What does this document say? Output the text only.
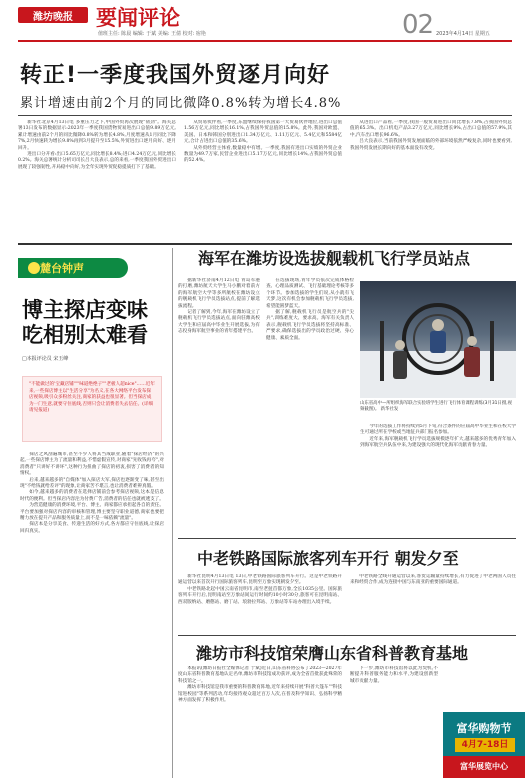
潍坊晚报	要闻评论
值班主任: 陈晨 编辑: 于斌 美编: 王倩 校对: 宿艳	02 2023年4月14日 星期五
转正!一季度我国外贸逐月向好
累计增速由前2个月的同比微降0.8%转为增长4.8%

新华社北京4月13日电 多重压力之下,中国外贸再次展现"韧劲"。海关总署13日发布的数据显示:2023年一季度我国货物贸易进出口总值9.89万亿元,累计增速由前2个月的同比微降0.8%转为增长4.8%,月度增速从1月同比下降7%,2月快速转为增长9.8%再到3月提升至15.5%,外贸进出口逐月向好、逐月回升。

进出口分开看:出口5.65万亿元,同比增长8.4%;进口4.24万亿元,同比增长0.2%。海关总署统计分析司司长吕大良表示,总的来看,一季度我国外贸进出口展现了较强韧性,开局稳中向好,为全年实现外贸促稳提质打下了基础。

从贸易伙伴看,一季度,东盟继续保持我国第一大贸易伙伴地位,进出口总值1.56万亿元,同比增长16.1%,占我国外贸总值的15.8%。此外,我国对欧盟、美国、日本和韩国分别进出口1.34万亿元、1.11万亿元、5.4亿元和5584亿元,合计占进出口总值的35.6%。

从外贸经营主体看,数量稳中有增。一季度,我国有进出口实绩的外贸企业数量为49.7万家,民营企业进出口5.17万亿元,同比增长14%,占我国外贸总值的52.4%。

从进出口产品看,一季度,我国一般贸易进出口同比增长7.8%,占我国外贸总值的65.3%。出口机电产品3.27万亿元,同比增长9%,占出口总值的57.9%,其中,汽车出口增长96.6%。

吕大良表示,当前我国外贸发展面临的外部环境依然严峻复杂,同时也要看到,我国外贸发展长期向好的基本面没有改变。

麓台钟声
博主探店变味
吃相别太难看
□本报评论员 宋玉峰

"不能做过的'宝藏店铺'""味道绝绝子""老板人超nice"……近年来,一些探店博主以"生活分享"为名义,在各大网络平台发布探店视频,吸引众多粉丝关注,商家的获益也很显著。但当探店成为一门生意,就要守住底线,否则只会让消费者失去信任。(详细请见报道)

探店之风刮遍城市,甚至不少人将其当成职业,随着"探店经济"的兴起,一些探店博主为了流量和利益,不惜虚假宣传,对商家"先收钱再夸",对消费者"只讲好不讲坏",这种行为扭曲了探店的初衷,损害了消费者的知情权。

后来,越来越多的"自媒体"加入探店大军,探店也逐渐变了味,甚至出现"不给钱就给差评"的现象,让商家苦不堪言,也让消费者难辨真假。

如今,越来越多的消费者在选择店铺前会参考探店视频,这本是信息时代的便利。但当探店内容沦为付费广告,消费者的信任也就被透支了。

为营造健康的消费环境,平台、博主、商家都应承担起各自的责任。平台要加强对探店内容的审核和管理,博主要坚守职业道德,商家也要把精力放在提升产品和服务质量上,而不是一味依赖"流量"。

探店本是分享美食、传递生活的好方式,各方都应守住底线,让探店回归真实。

海军在潍坊设选拔舰载机飞行学员站点

据新华社济南4月12日电 青岛军港的打磨,潍坊航天大学生马小鹏对着前方的海军航空大学等多所航校在潍坊设立的舰载机飞行学员选拔站点,提前了解选拔流程。

记者了解到,今年,海军在潍坊设立了舰载机飞行学员选拔站点,面向驻潍高校大学生和应届高中毕业生开展选拔,为有志投身海军航空事业的青年搭建平台。

在选拔现场,青年学员依次完成体格检查、心理品质测试、飞行基础理论考核等多个环节。参加选拔的学生们说,从小就有飞天梦,这次有机会参加舰载机飞行学员选拔,希望能圆梦蓝天。

据了解,舰载机飞行员是航空兵的"尖兵",训练难度大、要求高。海军有关负责人表示,舰载机飞行学员选拔将坚持高标准、严要求,确保选拔出的学员政治过硬、身心健康、素质全面。

山东省高中—所组织海军联合实验班学生进行飞行体育课程训练(3月31日摄,视频截图)。 新华社发

今年的选拔工作将持续到5月下旬,符合条件的应届高中毕业生和在校大学生可通过所在学校或当地征兵部门报名参加。

近年来,海军舰载机飞行学员选拔规模逐年扩大,越来越多的优秀青年加入到海军航空兵队伍中来,为建设强大的现代化海军贡献青春力量。

中老铁路国际旅客列车开行 朝发夕至

新华社昆明4月13日电 13日,中老铁路国际旅客列车开行。这是中老铁路开通运营以来首次开行国际旅客列车,昆明至万象实现朝发夕至。

中老铁路北起中国云南省昆明市,南至老挝首都万象,全长1035公里。国际旅客列车开行后,昆明南站至万象站间运行时间约10小时30分,旅客可在昆明南站、西双版纳站、磨憨站、磨丁站、琅勃拉邦站、万象站等车站办理出入境手续。

中老铁路全线开通运营以来,客货运输量持续增长,有力促进了中老两国人员往来和经贸合作,成为连接中国与东南亚的重要国际通道。

潍坊市科技馆荣膺山东省科普教育基地

本报讯(潍坊日报社全媒体记者 于斌)近日,山东省科协公布了2023—2027年度山东省科普教育基地认定名单,潍坊市科技馆成功获评,成为全省首批获此殊荣的科技馆之一。

潍坊市科技馆是我市重要的科普教育阵地,近年来持续开展"科普大篷车""科技馆进校园"等系列活动,年均接待观众超过百万人次,在普及科学知识、弘扬科学精神方面发挥了积极作用。

下一步,潍坊市科技馆将以此为契机,不断提升科普服务能力和水平,为建设创新型城市贡献力量。

富华购物节
4月7-18日
富华展览中心
